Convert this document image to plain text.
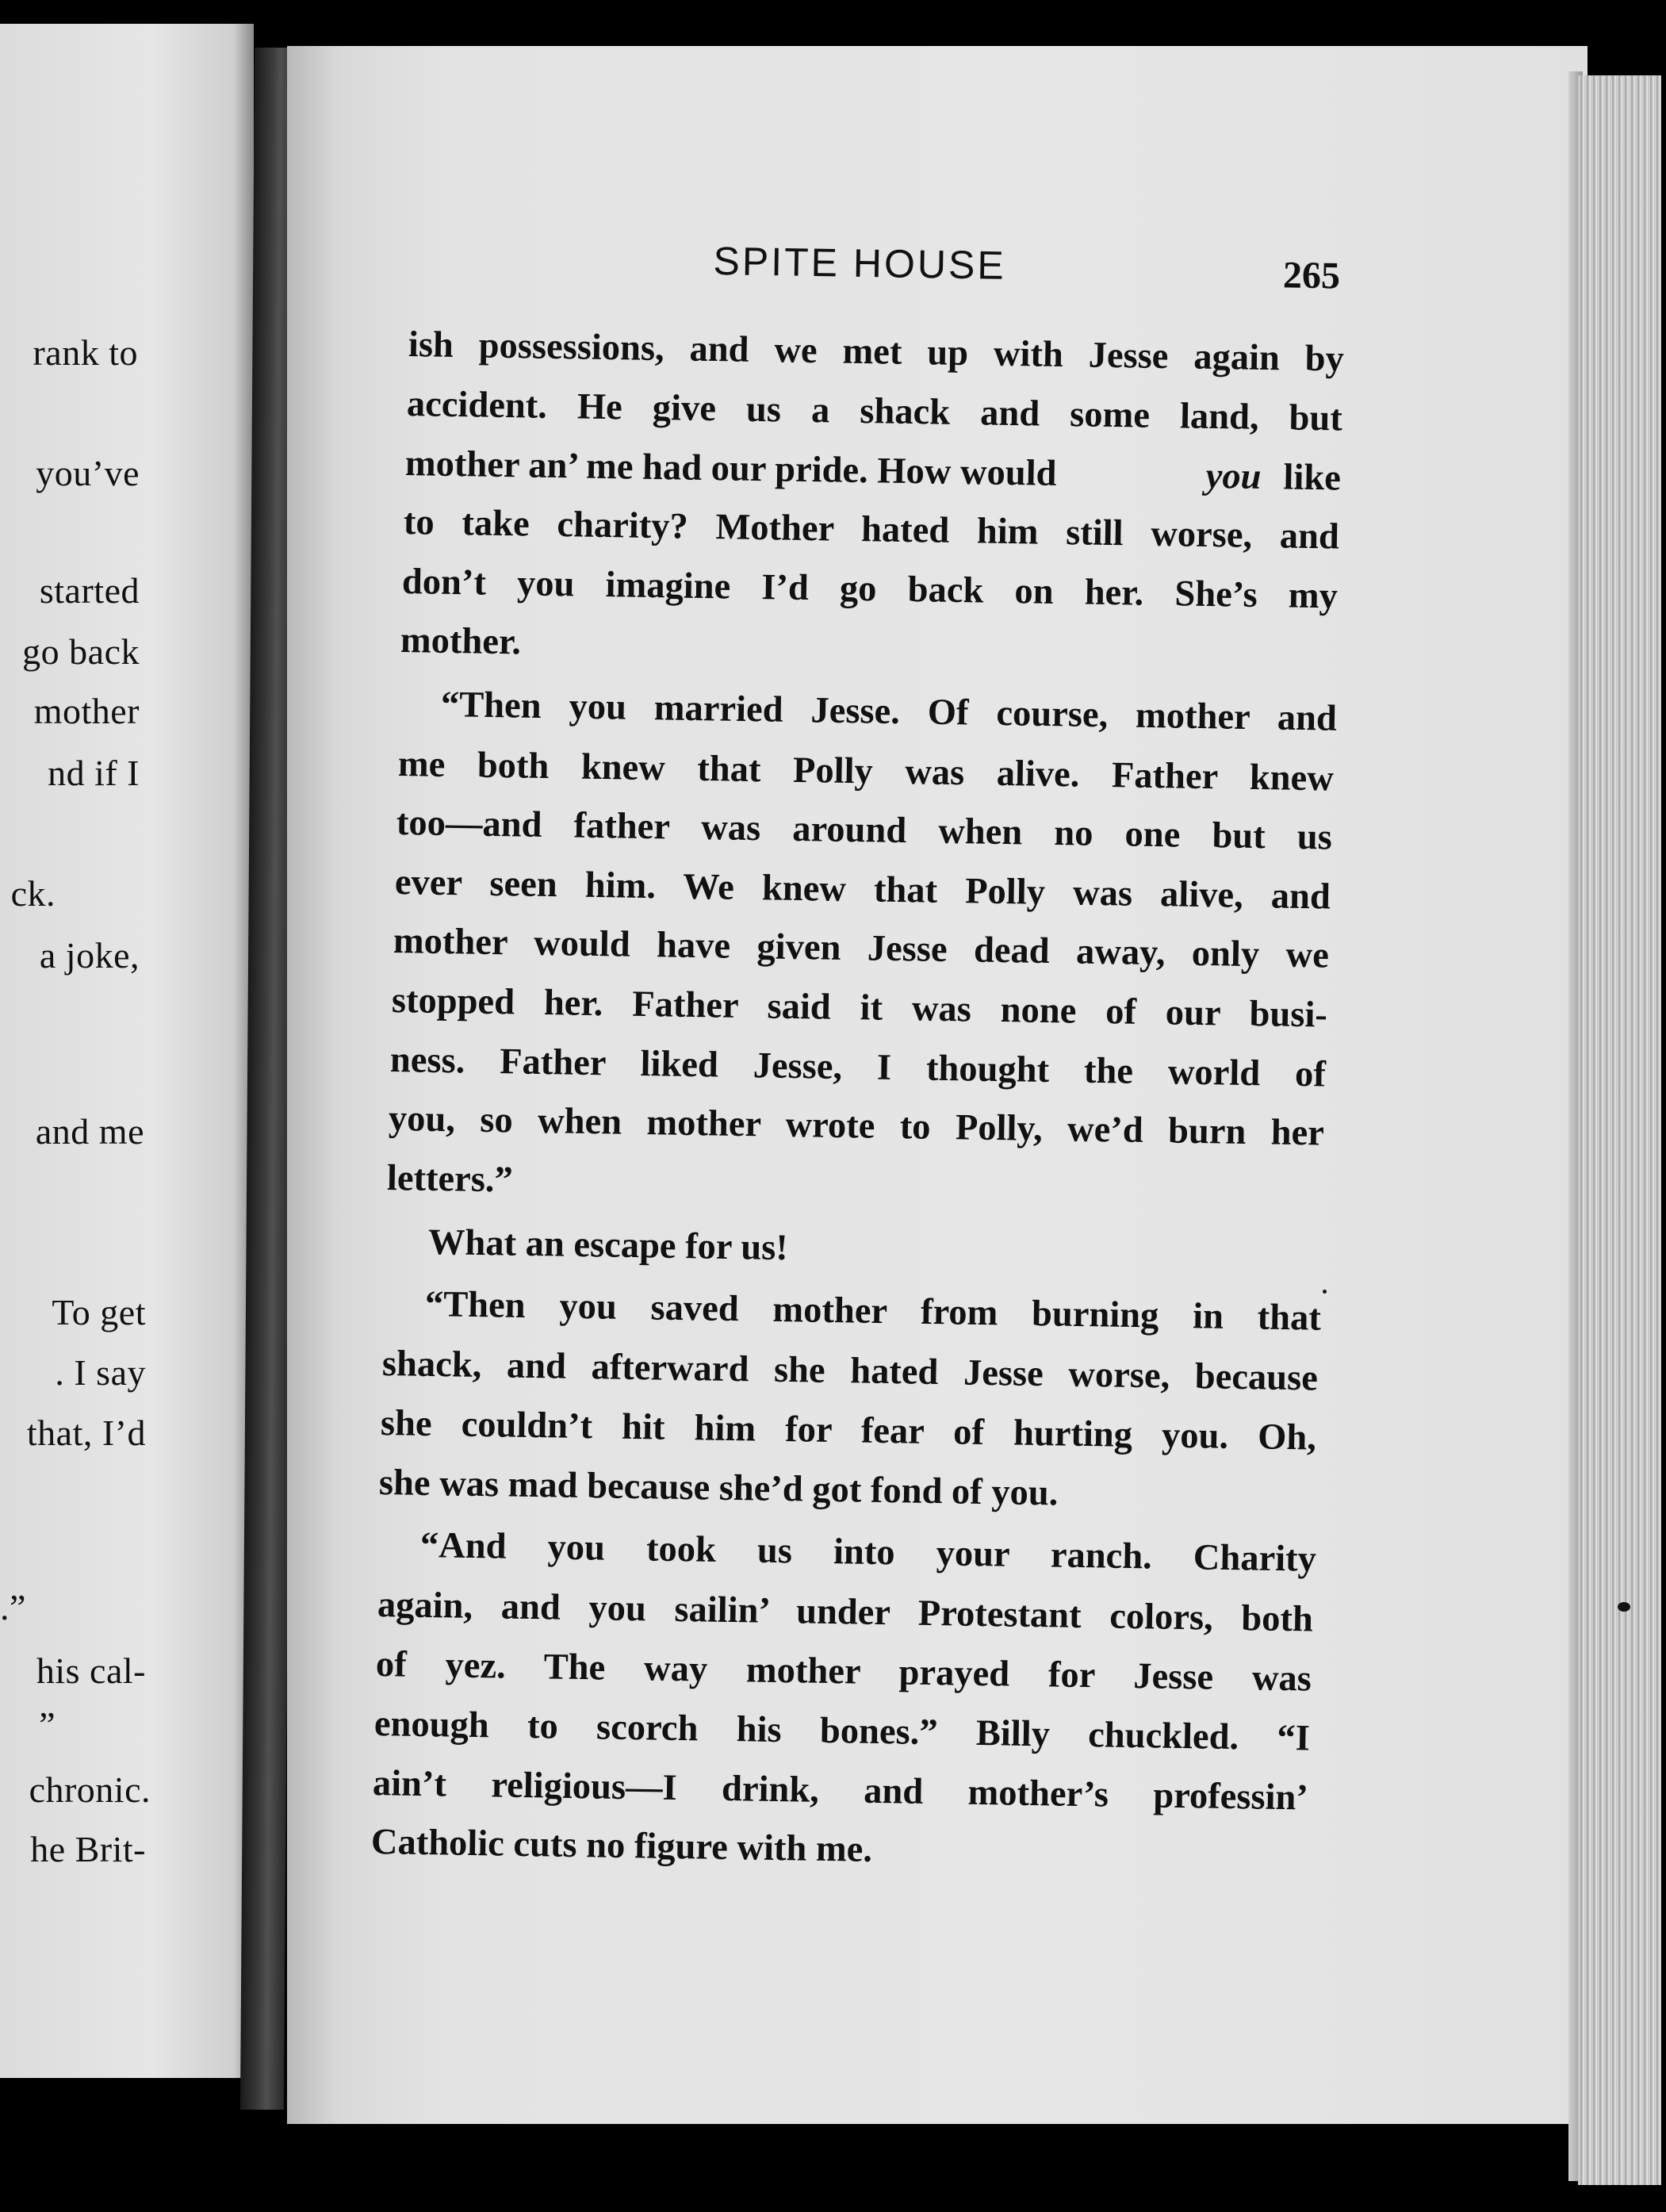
rank to
you’ve
started
go back
mother
nd if I
ck.
a joke,
and me
To get
. I say
that, I’d
.”
his cal-
”
chronic.
he Brit-
SPITE HOUSE	265
ish possessions, and we met up with Jesse again by
accident. He give us a shack and some land, but
mother an’ me had our pride. How would	you like
to take charity? Mother hated him still worse, and
don’t you imagine I’d go back on her. She’s my
mother.
“Then you married Jesse. Of course, mother and
me both knew that Polly was alive. Father knew
too—and father was around when no one but us
ever seen him. We knew that Polly was alive, and
mother would have given Jesse dead away, only we
stopped her. Father said it was none of our busi-
ness. Father liked Jesse, I thought the world of
you, so when mother wrote to Polly, we’d burn her
letters.”
What an escape for us!
“Then you saved mother from burning in that
shack, and afterward she hated Jesse worse, because
she couldn’t hit him for fear of hurting you. Oh,
she was mad because she’d got fond of you.
“And you took us into your ranch. Charity
again, and you sailin’ under Protestant colors, both
of yez. The way mother prayed for Jesse was
enough to scorch his bones.” Billy chuckled. “I
ain’t religious—I drink, and mother’s professin’
Catholic cuts no figure with me.
